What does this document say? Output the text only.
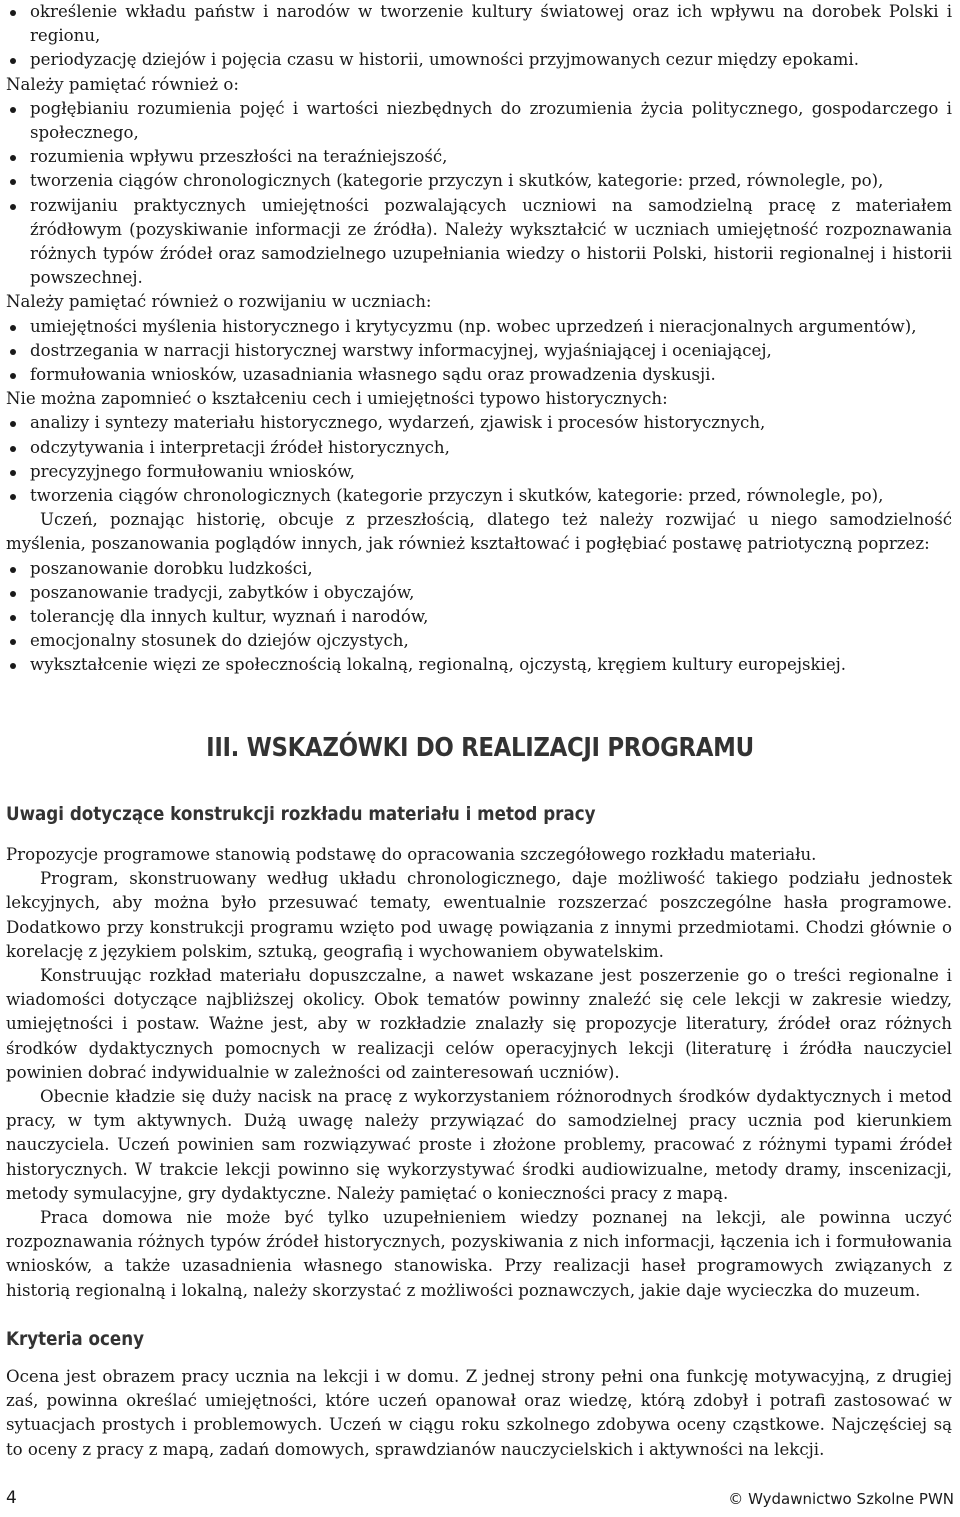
określenie wkładu państw i narodów w tworzenie kultury światowej oraz ich wpływu na dorobek Polski i regionu,
periodyzację dziejów i pojęcia czasu w historii, umowności przyjmowanych cezur między epokami.

Należy pamiętać również o:

pogłębianiu rozumienia pojęć i wartości niezbędnych do zrozumienia życia politycznego, gospodarczego i społecznego,
rozumienia wpływu przeszłości na teraźniejszość,
tworzenia ciągów chronologicznych (kategorie przyczyn i skutków, kategorie: przed, równolegle, po),
rozwijaniu praktycznych umiejętności pozwalających uczniowi na samodzielną pracę z materiałem źródłowym (pozyskiwanie informacji ze źródła). Należy wykształcić w uczniach umiejętność rozpoznawania różnych typów źródeł oraz samodzielnego uzupełniania wiedzy o historii Polski, historii regionalnej i historii powszechnej.

Należy pamiętać również o rozwijaniu w uczniach:

umiejętności myślenia historycznego i krytycyzmu (np. wobec uprzedzeń i nieracjonalnych argumentów),
dostrzegania w narracji historycznej warstwy informacyjnej, wyjaśniającej i oceniającej,
formułowania wniosków, uzasadniania własnego sądu oraz prowadzenia dyskusji.

Nie można zapomnieć o kształceniu cech i umiejętności typowo historycznych:

analizy i syntezy materiału historycznego, wydarzeń, zjawisk i procesów historycznych,
odczytywania i interpretacji źródeł historycznych,
precyzyjnego formułowaniu wniosków,
tworzenia ciągów chronologicznych (kategorie przyczyn i skutków, kategorie: przed, równolegle, po),

Uczeń, poznając historię, obcuje z przeszłością, dlatego też należy rozwijać u niego samodzielność myślenia, poszanowania poglądów innych, jak również kształtować i pogłębiać postawę patriotyczną poprzez:

poszanowanie dorobku ludzkości,
poszanowanie tradycji, zabytków i obyczajów,
tolerancję dla innych kultur, wyznań i narodów,
emocjonalny stosunek do dziejów ojczystych,
wykształcenie więzi ze społecznością lokalną, regionalną, ojczystą, kręgiem kultury europejskiej.
III. WSKAZÓWKI DO REALIZACJI PROGRAMU
Uwagi dotyczące konstrukcji rozkładu materiału i metod pracy

Propozycje programowe stanowią podstawę do opracowania szczegółowego rozkładu materiału.

Program, skonstruowany według układu chronologicznego, daje możliwość takiego podziału jednostek lekcyjnych, aby można było przesuwać tematy, ewentualnie rozszerzać poszczególne hasła programowe. Dodatkowo przy konstrukcji programu wzięto pod uwagę powiązania z innymi przedmiotami. Chodzi głównie o korelację z językiem polskim, sztuką, geografią i wychowaniem obywatelskim.

Konstruując rozkład materiału dopuszczalne, a nawet wskazane jest poszerzenie go o treści regionalne i wiadomości dotyczące najbliższej okolicy. Obok tematów powinny znaleźć się cele lekcji w zakresie wiedzy, umiejętności i postaw. Ważne jest, aby w rozkładzie znalazły się propozycje literatury, źródeł oraz różnych środków dydaktycznych pomocnych w realizacji celów operacyjnych lekcji (literaturę i źródła nauczyciel powinien dobrać indywidualnie w zależności od zainteresowań uczniów).

Obecnie kładzie się duży nacisk na pracę z wykorzystaniem różnorodnych środków dydaktycznych i metod pracy, w tym aktywnych. Dużą uwagę należy przywiązać do samodzielnej pracy ucznia pod kierunkiem nauczyciela. Uczeń powinien sam rozwiązywać proste i złożone problemy, pracować z różnymi typami źródeł historycznych. W trakcie lekcji powinno się wykorzystywać środki audiowizualne, metody dramy, inscenizacji, metody symulacyjne, gry dydaktyczne. Należy pamiętać o konieczności pracy z mapą.

Praca domowa nie może być tylko uzupełnieniem wiedzy poznanej na lekcji, ale powinna uczyć rozpoznawania różnych typów źródeł historycznych, pozyskiwania z nich informacji, łączenia ich i formułowania wniosków, a także uzasadnienia własnego stanowiska. Przy realizacji haseł programowych związanych z historią regionalną i lokalną, należy skorzystać z możliwości poznawczych, jakie daje wycieczka do muzeum.

Kryteria oceny

Ocena jest obrazem pracy ucznia na lekcji i w domu. Z jednej strony pełni ona funkcję motywacyjną, z drugiej zaś, powinna określać umiejętności, które uczeń opanował oraz wiedzę, którą zdobył i potrafi zastosować w sytuacjach prostych i problemowych. Uczeń w ciągu roku szkolnego zdobywa oceny cząstkowe. Najczęściej są to oceny z pracy z mapą, zadań domowych, sprawdzianów nauczycielskich i aktywności na lekcji.

4	© Wydawnictwo Szkolne PWN
